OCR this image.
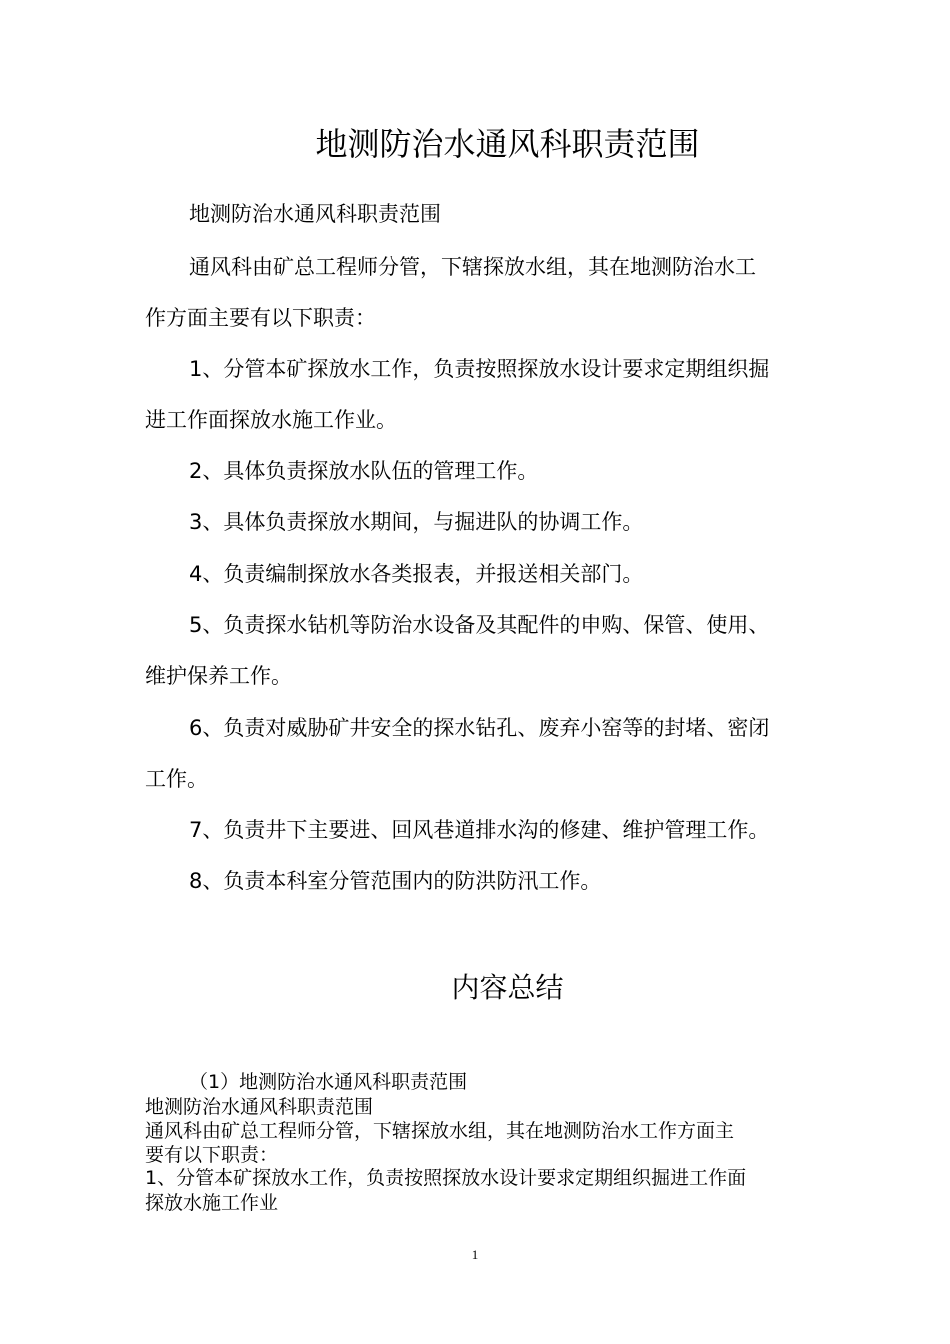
地测防治水通风科职责范围
地测防治水通风科职责范围
通风科由矿总工程师分管，下辖探放水组，其在地测防治水工
作方面主要有以下职责：
1、分管本矿探放水工作，负责按照探放水设计要求定期组织掘
进工作面探放水施工作业。
2、具体负责探放水队伍的管理工作。
3、具体负责探放水期间，与掘进队的协调工作。
4、负责编制探放水各类报表，并报送相关部门。
5、负责探水钻机等防治水设备及其配件的申购、保管、使用、
维护保养工作。
6、负责对威胁矿井安全的探水钻孔、废弃小窑等的封堵、密闭
工作。
7、负责井下主要进、回风巷道排水沟的修建、维护管理工作。
8、负责本科室分管范围内的防洪防汛工作。
内容总结
（1）地测防治水通风科职责范围
地测防治水通风科职责范围
通风科由矿总工程师分管，下辖探放水组，其在地测防治水工作方面主
要有以下职责：
1、分管本矿探放水工作，负责按照探放水设计要求定期组织掘进工作面
探放水施工作业
1
